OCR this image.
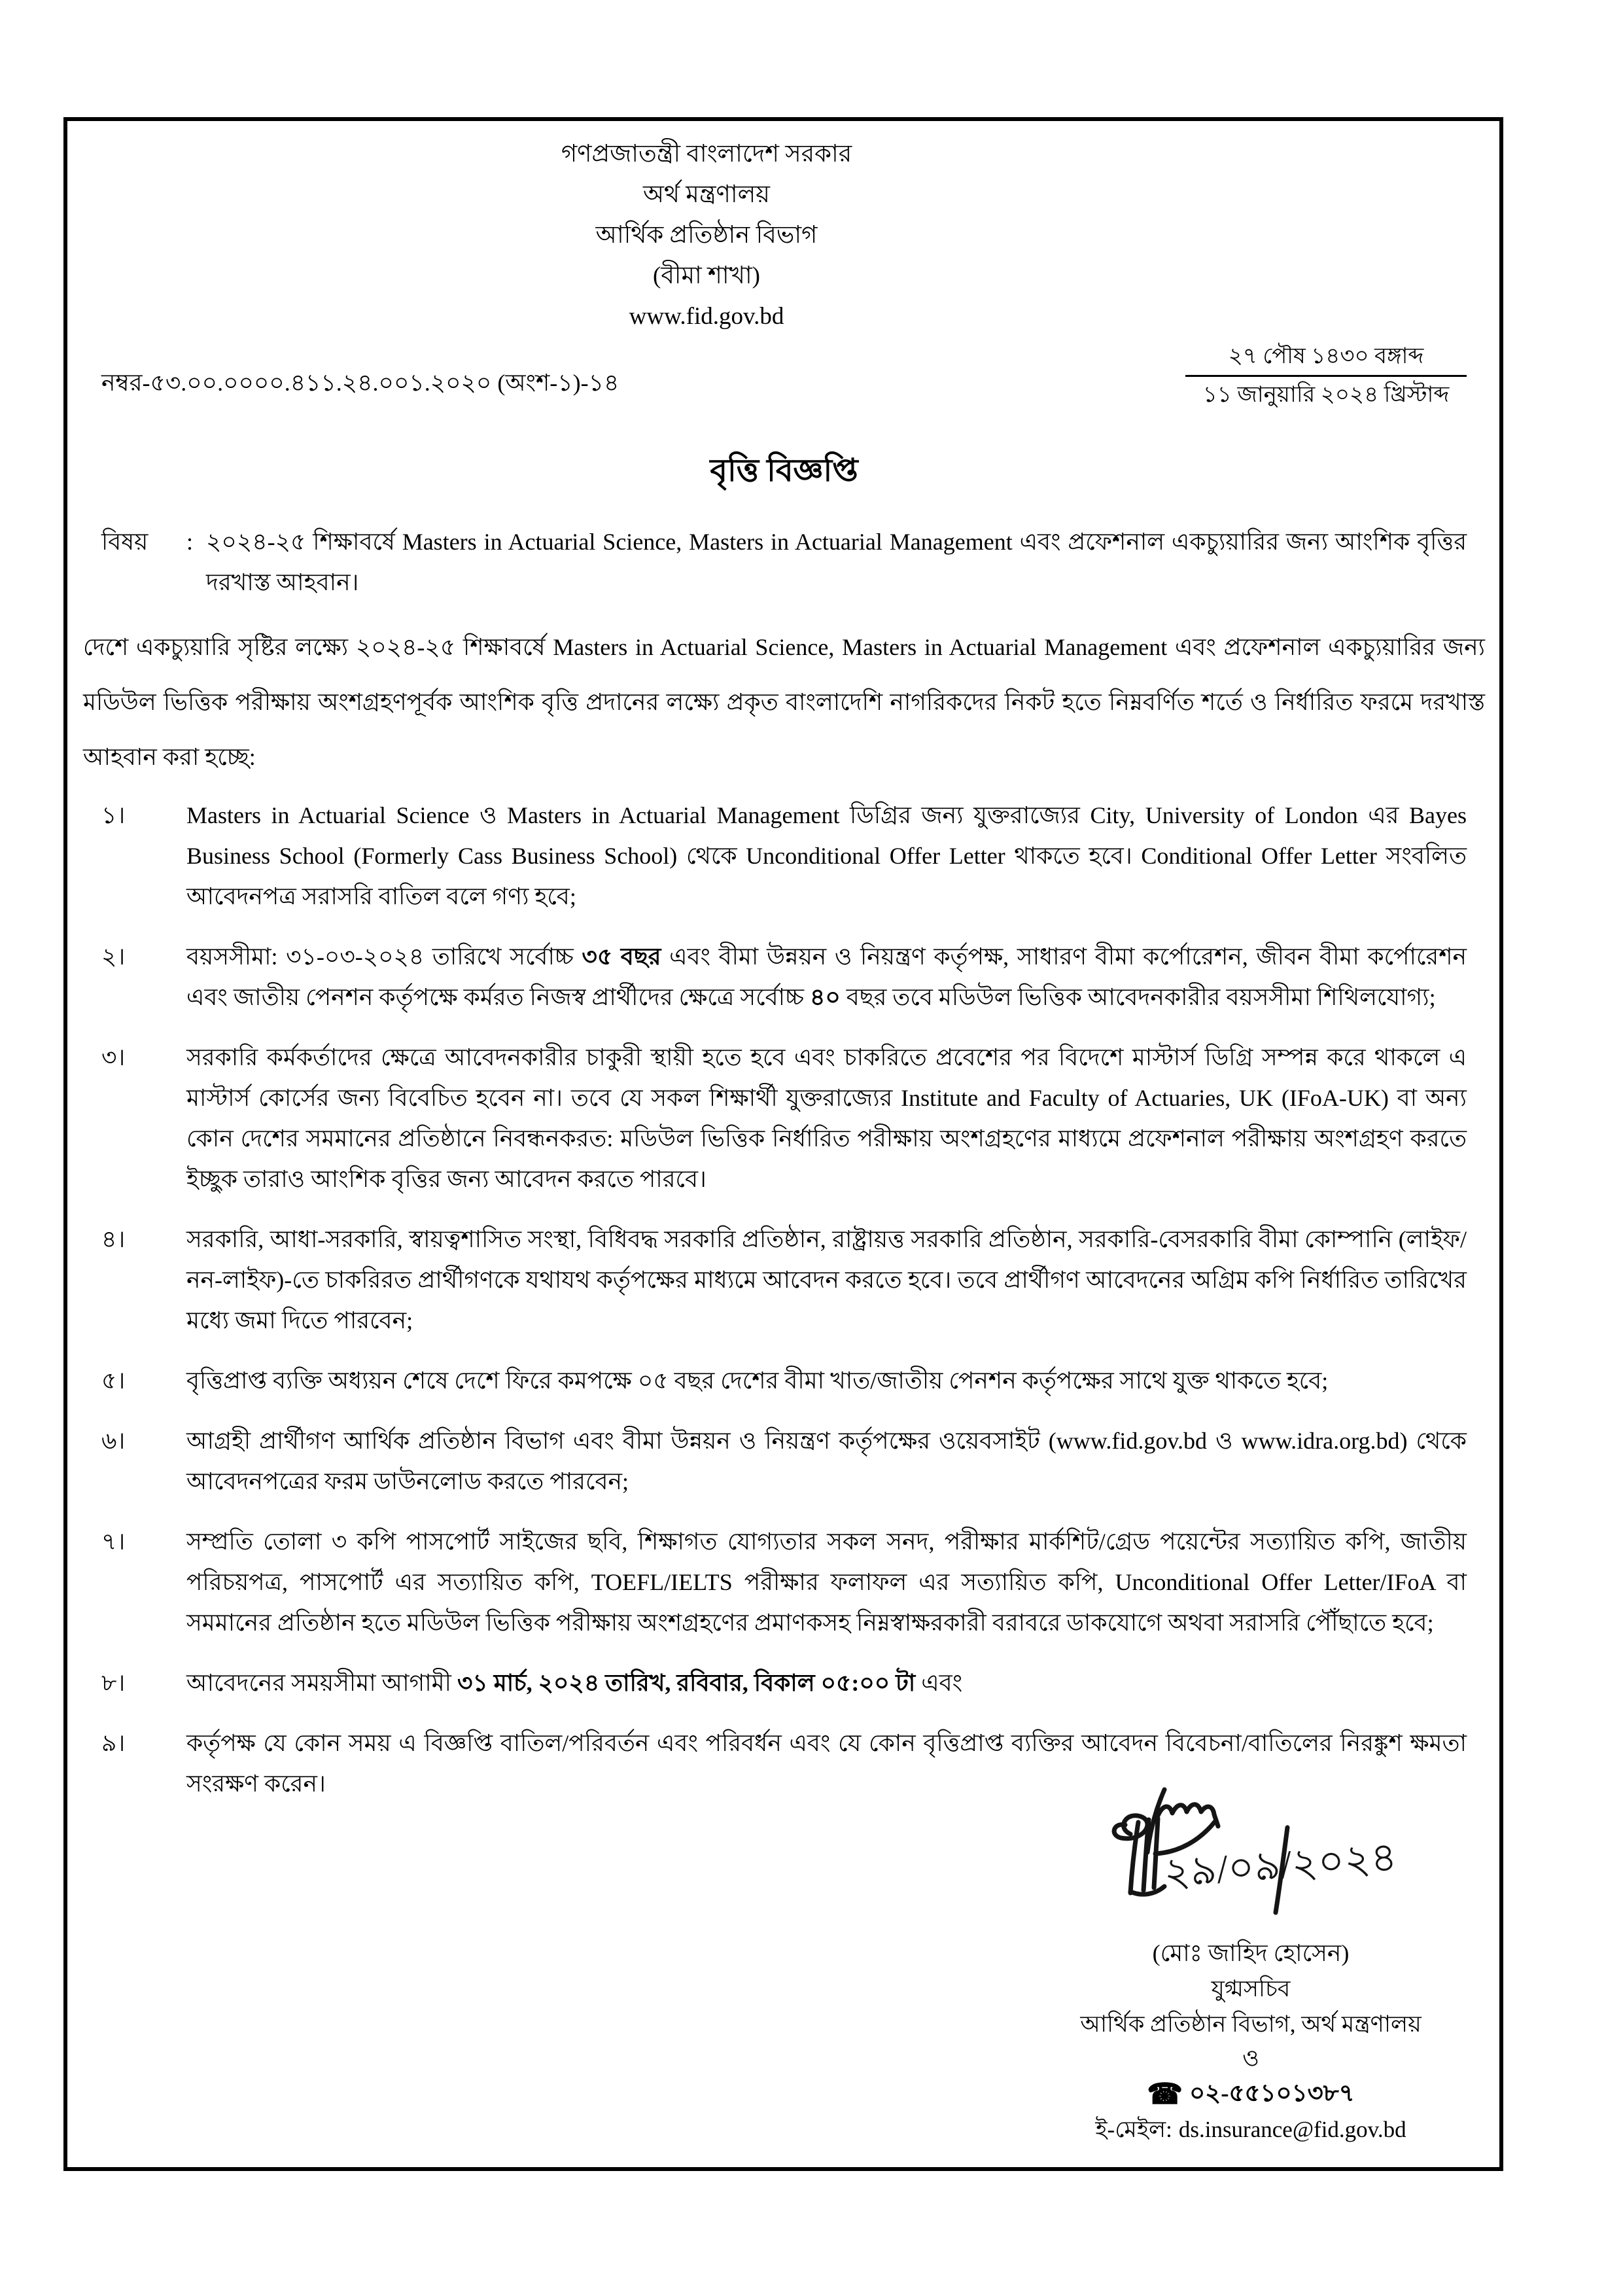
গণপ্রজাতন্ত্রী বাংলাদেশ সরকার
অর্থ মন্ত্রণালয়
আর্থিক প্রতিষ্ঠান বিভাগ
(বীমা শাখা)
www.fid.gov.bd
নম্বর-৫৩.০০.০০০০.৪১১.২৪.০০১.২০২০ (অংশ-১)-১৪
২৭ পৌষ ১৪৩০ বঙ্গাব্দ
১১ জানুয়ারি ২০২৪ খ্রিস্টাব্দ
বৃত্তি বিজ্ঞপ্তি
বিষয়	: ২০২৪-২৫ শিক্ষাবর্ষে Masters in Actuarial Science, Masters in Actuarial Management এবং প্রফেশনাল একচ্যুয়ারির জন্য আংশিক বৃত্তির দরখাস্ত আহবান।
দেশে একচ্যুয়ারি সৃষ্টির লক্ষ্যে ২০২৪-২৫ শিক্ষাবর্ষে Masters in Actuarial Science, Masters in Actuarial Management এবং প্রফেশনাল একচ্যুয়ারির জন্য মডিউল ভিত্তিক পরীক্ষায় অংশগ্রহণপূর্বক আংশিক বৃত্তি প্রদানের লক্ষ্যে প্রকৃত বাংলাদেশি নাগরিকদের নিকট হতে নিম্নবর্ণিত শর্তে ও নির্ধারিত ফরমে দরখাস্ত আহবান করা হচ্ছে:
১।	Masters in Actuarial Science ও Masters in Actuarial Management ডিগ্রির জন্য যুক্তরাজ্যের City, University of London এর Bayes Business School (Formerly Cass Business School) থেকে Unconditional Offer Letter থাকতে হবে। Conditional Offer Letter সংবলিত আবেদনপত্র সরাসরি বাতিল বলে গণ্য হবে;
২।	বয়সসীমা: ৩১-০৩-২০২৪ তারিখে সর্বোচ্চ ৩৫ বছর এবং বীমা উন্নয়ন ও নিয়ন্ত্রণ কর্তৃপক্ষ, সাধারণ বীমা কর্পোরেশন, জীবন বীমা কর্পোরেশন এবং জাতীয় পেনশন কর্তৃপক্ষে কর্মরত নিজস্ব প্রার্থীদের ক্ষেত্রে সর্বোচ্চ ৪০ বছর তবে মডিউল ভিত্তিক আবেদনকারীর বয়সসীমা শিথিলযোগ্য;
৩।	সরকারি কর্মকর্তাদের ক্ষেত্রে আবেদনকারীর চাকুরী স্থায়ী হতে হবে এবং চাকরিতে প্রবেশের পর বিদেশে মাস্টার্স ডিগ্রি সম্পন্ন করে থাকলে এ মাস্টার্স কোর্সের জন্য বিবেচিত হবেন না। তবে যে সকল শিক্ষার্থী যুক্তরাজ্যের Institute and Faculty of Actuaries, UK (IFoA-UK) বা অন্য কোন দেশের সমমানের প্রতিষ্ঠানে নিবন্ধনকরত: মডিউল ভিত্তিক নির্ধারিত পরীক্ষায় অংশগ্রহণের মাধ্যমে প্রফেশনাল পরীক্ষায় অংশগ্রহণ করতে ইচ্ছুক তারাও আংশিক বৃত্তির জন্য আবেদন করতে পারবে।
৪।	সরকারি, আধা-সরকারি, স্বায়ত্বশাসিত সংস্থা, বিধিবদ্ধ সরকারি প্রতিষ্ঠান, রাষ্ট্রায়ত্ত সরকারি প্রতিষ্ঠান, সরকারি-বেসরকারি বীমা কোম্পানি (লাইফ/নন-লাইফ)-তে চাকরিরত প্রার্থীগণকে যথাযথ কর্তৃপক্ষের মাধ্যমে আবেদন করতে হবে। তবে প্রার্থীগণ আবেদনের অগ্রিম কপি নির্ধারিত তারিখের মধ্যে জমা দিতে পারবেন;
৫।	বৃত্তিপ্রাপ্ত ব্যক্তি অধ্যয়ন শেষে দেশে ফিরে কমপক্ষে ০৫ বছর দেশের বীমা খাত/জাতীয় পেনশন কর্তৃপক্ষের সাথে যুক্ত থাকতে হবে;
৬।	আগ্রহী প্রার্থীগণ আর্থিক প্রতিষ্ঠান বিভাগ এবং বীমা উন্নয়ন ও নিয়ন্ত্রণ কর্তৃপক্ষের ওয়েবসাইট (www.fid.gov.bd ও www.idra.org.bd) থেকে আবেদনপত্রের ফরম ডাউনলোড করতে পারবেন;
৭।	সম্প্রতি তোলা ৩ কপি পাসপোর্ট সাইজের ছবি, শিক্ষাগত যোগ্যতার সকল সনদ, পরীক্ষার মার্কশিট/গ্রেড পয়েন্টের সত্যায়িত কপি, জাতীয় পরিচয়পত্র, পাসপোর্ট এর সত্যায়িত কপি, TOEFL/IELTS পরীক্ষার ফলাফল এর সত্যায়িত কপি, Unconditional Offer Letter/IFoA বা সমমানের প্রতিষ্ঠান হতে মডিউল ভিত্তিক পরীক্ষায় অংশগ্রহণের প্রমাণকসহ নিম্নস্বাক্ষরকারী বরাবরে ডাকযোগে অথবা সরাসরি পৌঁছাতে হবে;
৮।	আবেদনের সময়সীমা আগামী ৩১ মার্চ, ২০২৪ তারিখ, রবিবার, বিকাল ০৫:০০ টা এবং
৯।	কর্তৃপক্ষ যে কোন সময় এ বিজ্ঞপ্তি বাতিল/পরিবর্তন এবং পরিবর্ধন এবং যে কোন বৃত্তিপ্রাপ্ত ব্যক্তির আবেদন বিবেচনা/বাতিলের নিরঙ্কুশ ক্ষমতা সংরক্ষণ করেন।
২৯/০৯/২০২৪
(মোঃ জাহিদ হোসেন)
যুগ্মসচিব
আর্থিক প্রতিষ্ঠান বিভাগ, অর্থ মন্ত্রণালয়
ও
☎ ০২-৫৫১০১৩৮৭
ই-মেইল: ds.insurance@fid.gov.bd
